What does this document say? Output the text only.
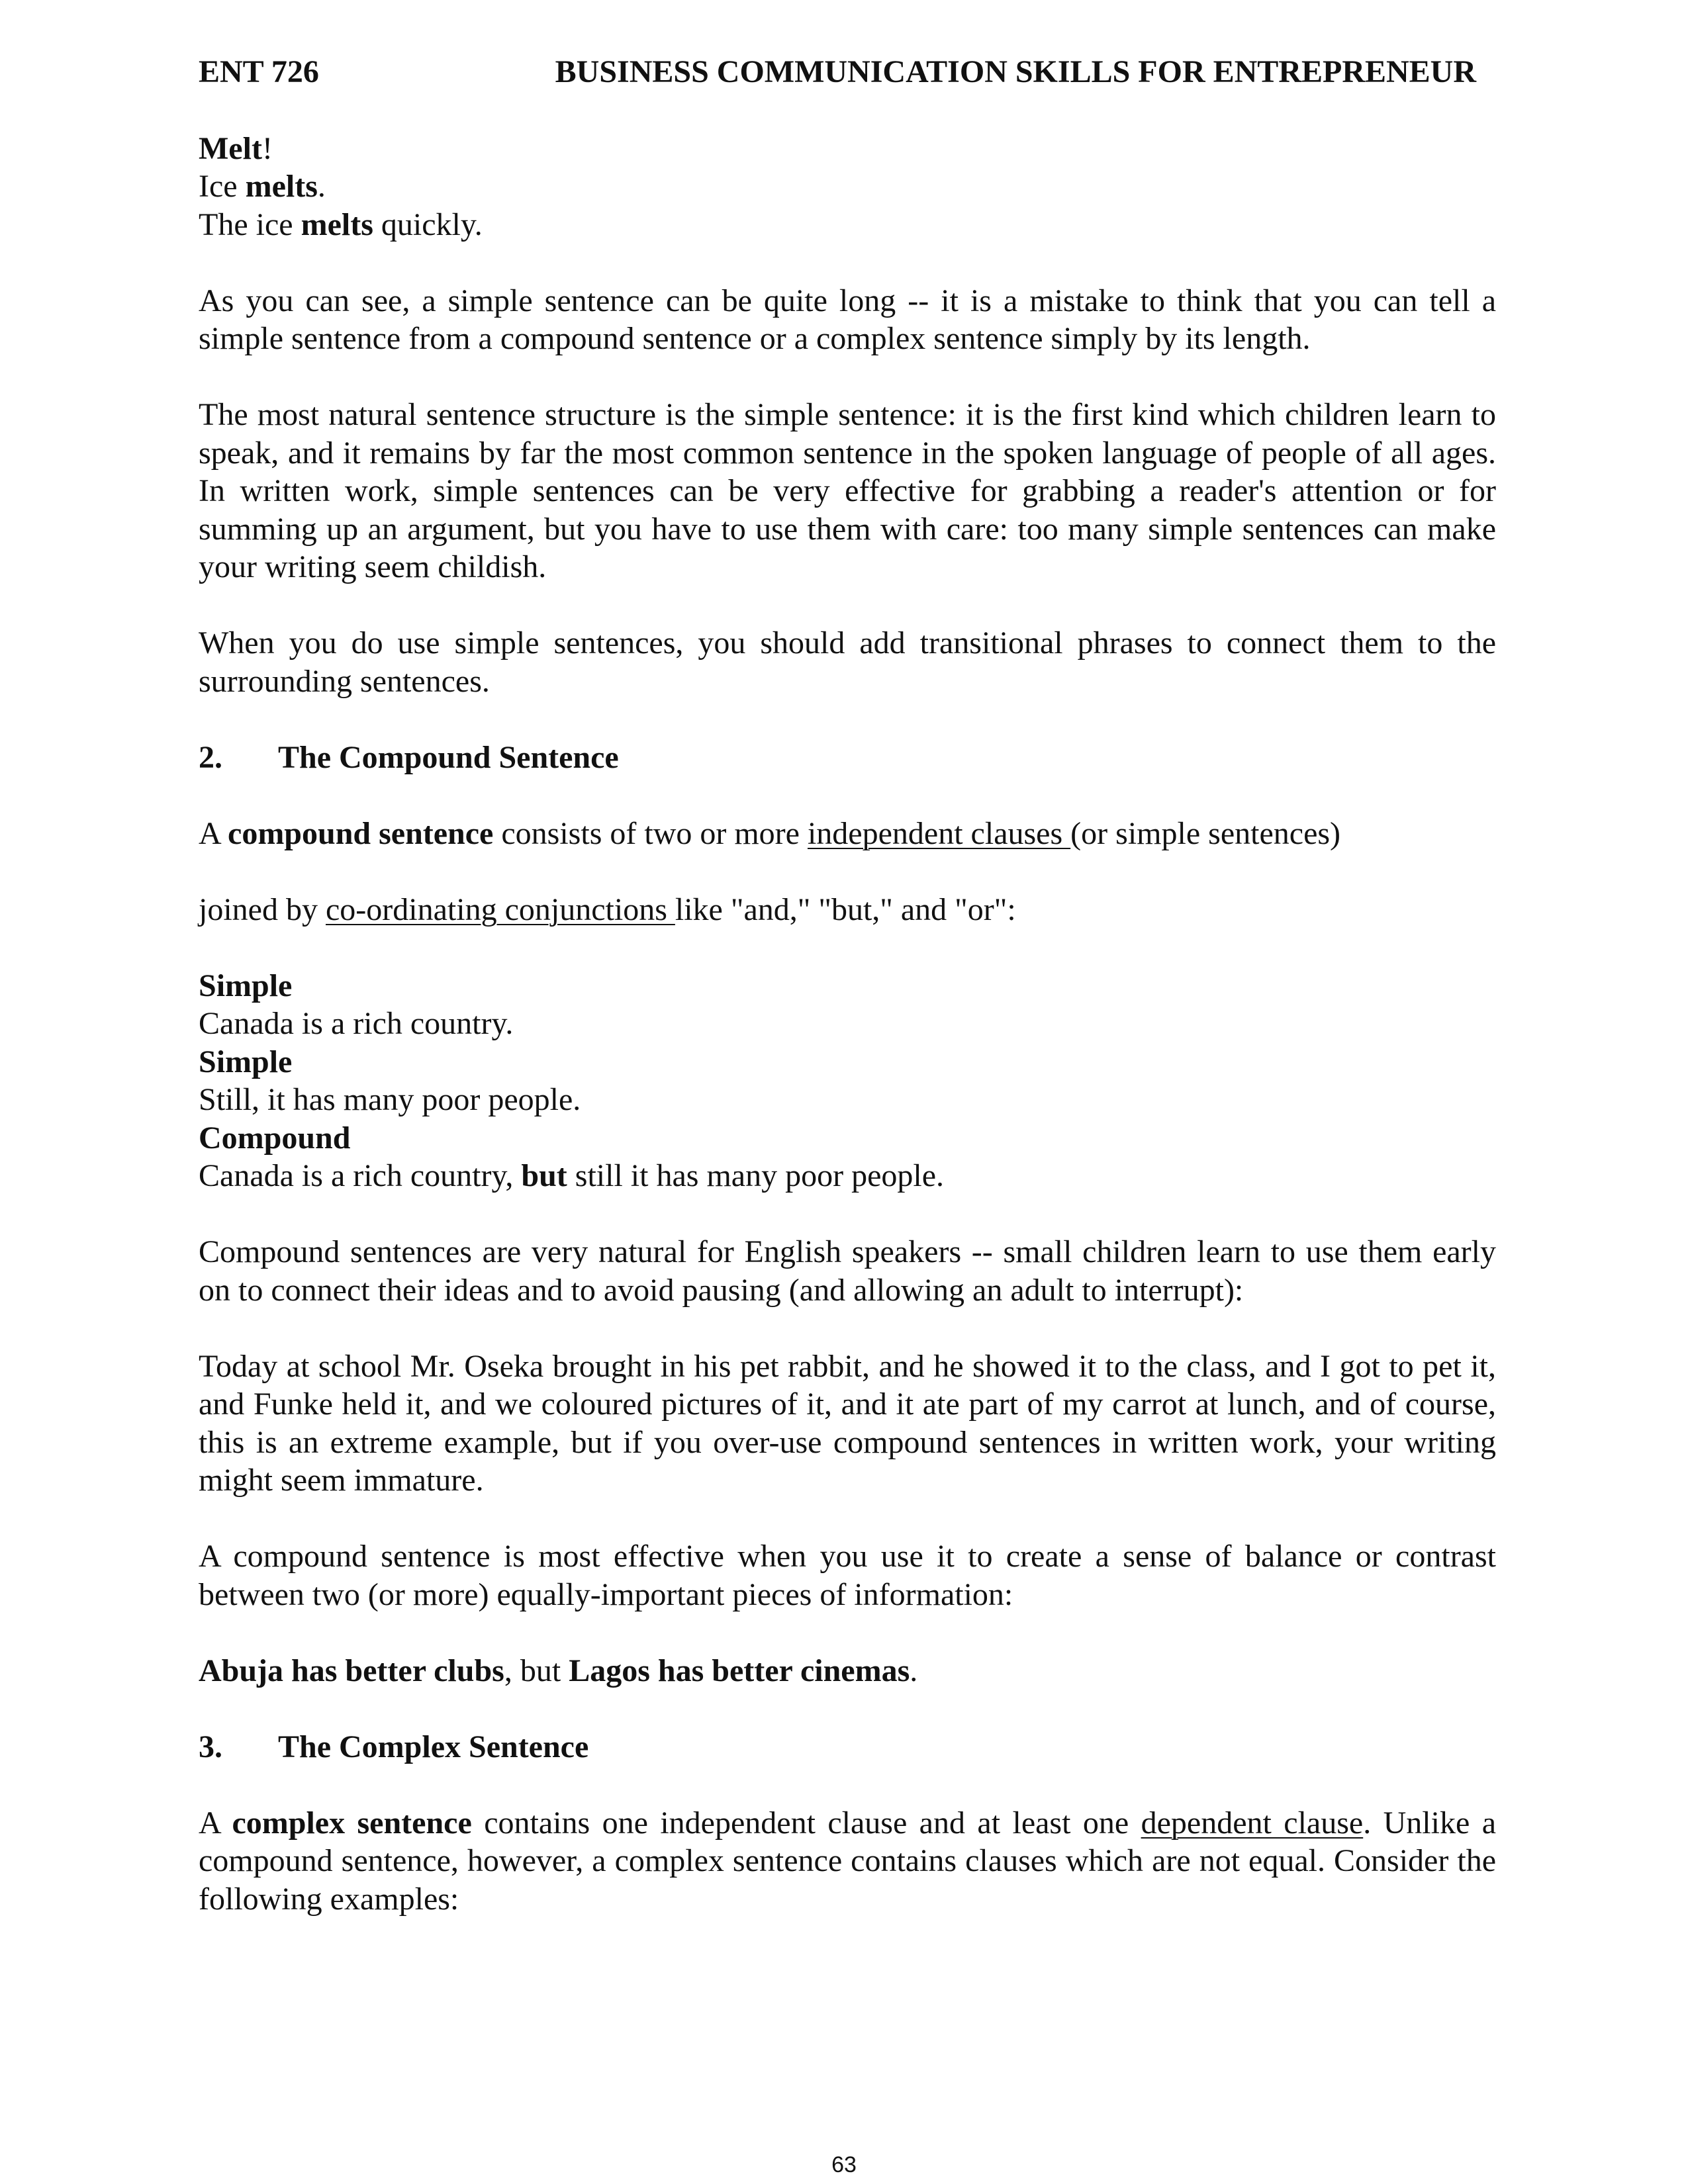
ENT 726	BUSINESS COMMUNICATION SKILLS FOR ENTREPRENEUR
Melt!
Ice melts.
The ice melts quickly.

As you can see, a simple sentence can be quite long -- it is a mistake to think that you can tell a simple sentence from a compound sentence or a complex sentence simply by its length.

The most natural sentence structure is the simple sentence: it is the first kind which children learn to speak, and it remains by far the most common sentence in the spoken language of people of all ages. In written work, simple sentences can be very effective for grabbing a reader's attention or for summing up an argument, but you have to use them with care: too many simple sentences can make your writing seem childish.

When you do use simple sentences, you should add transitional phrases to connect them to the surrounding sentences.

2.	The Compound Sentence

A compound sentence consists of two or more independent clauses (or simple sentences)

joined by co-ordinating conjunctions like "and," "but," and "or":

Simple
Canada is a rich country.
Simple
Still, it has many poor people.
Compound
Canada is a rich country, but still it has many poor people.

Compound sentences are very natural for English speakers -- small children learn to use them early on to connect their ideas and to avoid pausing (and allowing an adult to interrupt):

Today at school Mr. Oseka brought in his pet rabbit, and he showed it to the class, and I got to pet it, and Funke held it, and we coloured pictures of it, and it ate part of my carrot at lunch, and of course, this is an extreme example, but if you over-use compound sentences in written work, your writing might seem immature.

A compound sentence is most effective when you use it to create a sense of balance or contrast between two (or more) equally-important pieces of information:

Abuja has better clubs, but Lagos has better cinemas.

3.	The Complex Sentence

A complex sentence contains one independent clause and at least one dependent clause. Unlike a compound sentence, however, a complex sentence contains clauses which are not equal. Consider the following examples:

63
